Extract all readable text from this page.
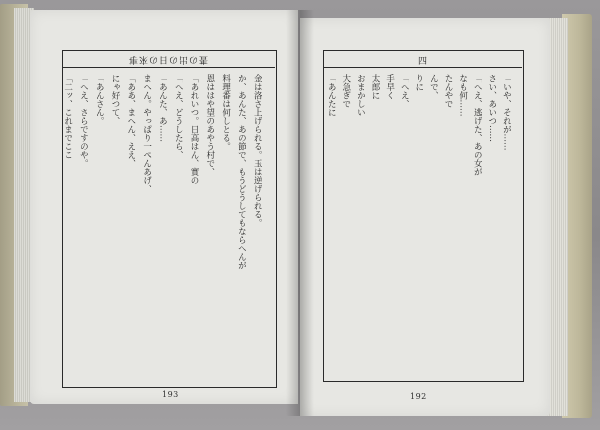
晝の出の日の來事	四
金は洛さ上げられる。玉は逆げられる。
か、あんた、あの節で、もうどうしてもならへんが
料理番は何しとる。
恩ははや望のあやう村で、
「あれいつ。日高はん、實の
「へえ、どうしたら、
「あんた、あ……
まへん。やっぱり一ぺんあげ、
「ああ、まへん、ええ、
にゃ好つて、
「あんさん。
「へえ、さらですのや。
「二ッ、これまでここ	「いや、それが……
さい、あいつ……
「へえ、逃げた、あの女が
なも何……
たんやで
んで、
りに
「へえ、
手早く
太郎に
おまかしい
大急ぎで
「あんたに
193	192
